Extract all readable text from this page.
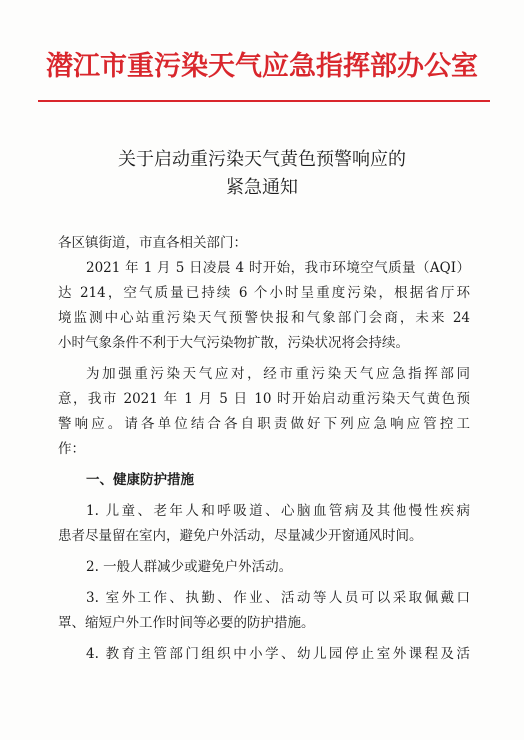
潜江市重污染天气应急指挥部办公室
关于启动重污染天气黄色预警响应的
紧急通知
各区镇街道，市直各相关部门：
2021 年 1 月 5 日凌晨 4 时开始，我市环境空气质量（AQI）
达 214，空气质量已持续 6 个小时呈重度污染，根据省厅环
境监测中心站重污染天气预警快报和气象部门会商，未来 24
小时气象条件不利于大气污染物扩散，污染状况将会持续。
为加强重污染天气应对，经市重污染天气应急指挥部同
意，我市 2021 年 1 月 5 日 10 时开始启动重污染天气黄色预
警响应。请各单位结合各自职责做好下列应急响应管控工
作：
一、健康防护措施
1. 儿童、老年人和呼吸道、心脑血管病及其他慢性疾病
患者尽量留在室内，避免户外活动，尽量减少开窗通风时间。
2. 一般人群减少或避免户外活动。
3. 室外工作、执勤、作业、活动等人员可以采取佩戴口
罩、缩短户外工作时间等必要的防护措施。
4. 教育主管部门组织中小学、幼儿园停止室外课程及活
